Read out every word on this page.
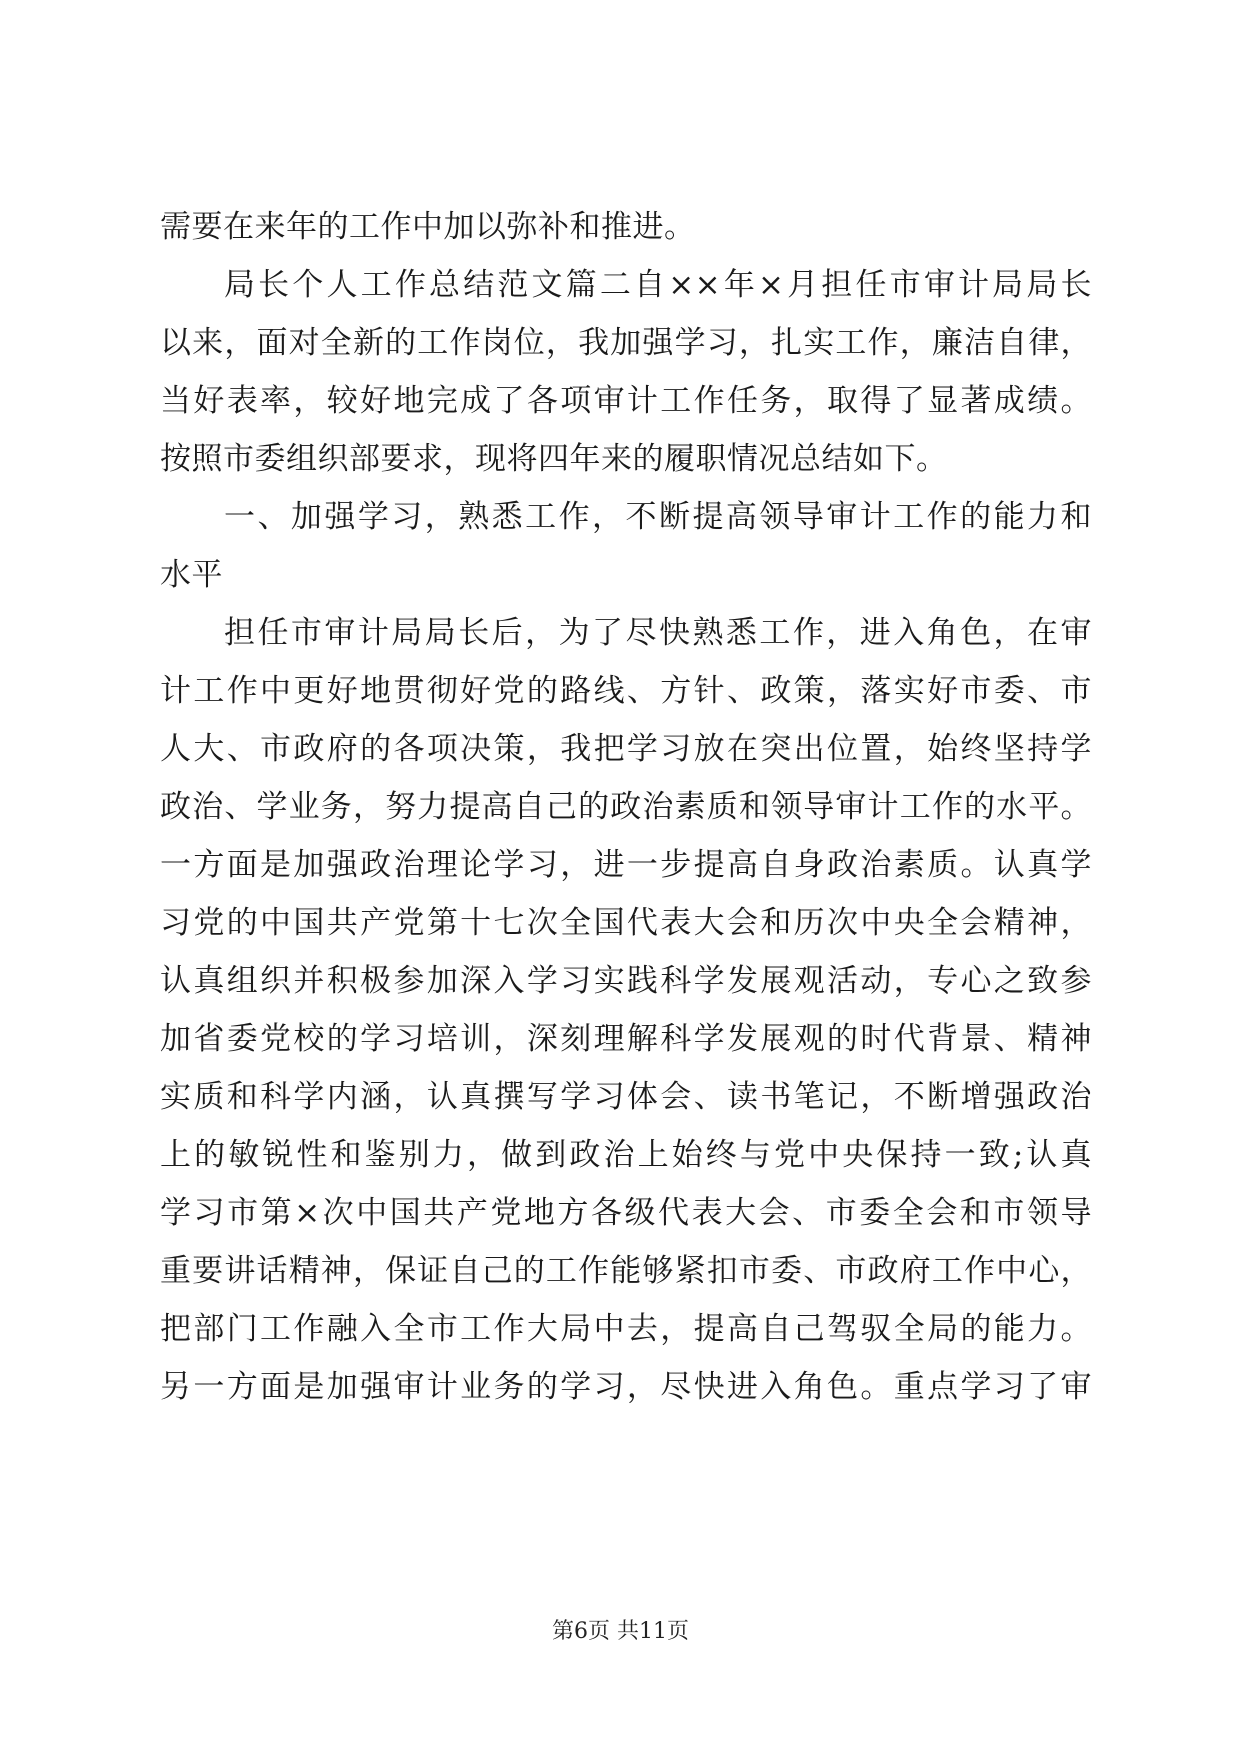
需要在来年的工作中加以弥补和推进。
局长个人工作总结范文篇二自××年×月担任市审计局局长
以来，面对全新的工作岗位，我加强学习，扎实工作，廉洁自律，
当好表率，较好地完成了各项审计工作任务，取得了显著成绩。
按照市委组织部要求，现将四年来的履职情况总结如下。
一、加强学习，熟悉工作，不断提高领导审计工作的能力和
水平
担任市审计局局长后，为了尽快熟悉工作，进入角色，在审
计工作中更好地贯彻好党的路线、方针、政策，落实好市委、市
人大、市政府的各项决策，我把学习放在突出位置，始终坚持学
政治、学业务，努力提高自己的政治素质和领导审计工作的水平。
一方面是加强政治理论学习，进一步提高自身政治素质。认真学
习党的中国共产党第十七次全国代表大会和历次中央全会精神，
认真组织并积极参加深入学习实践科学发展观活动，专心之致参
加省委党校的学习培训，深刻理解科学发展观的时代背景、精神
实质和科学内涵，认真撰写学习体会、读书笔记，不断增强政治
上的敏锐性和鉴别力，做到政治上始终与党中央保持一致;认真
学习市第×次中国共产党地方各级代表大会、市委全会和市领导
重要讲话精神，保证自己的工作能够紧扣市委、市政府工作中心，
把部门工作融入全市工作大局中去，提高自己驾驭全局的能力。
另一方面是加强审计业务的学习，尽快进入角色。重点学习了审
第6页 共11页
